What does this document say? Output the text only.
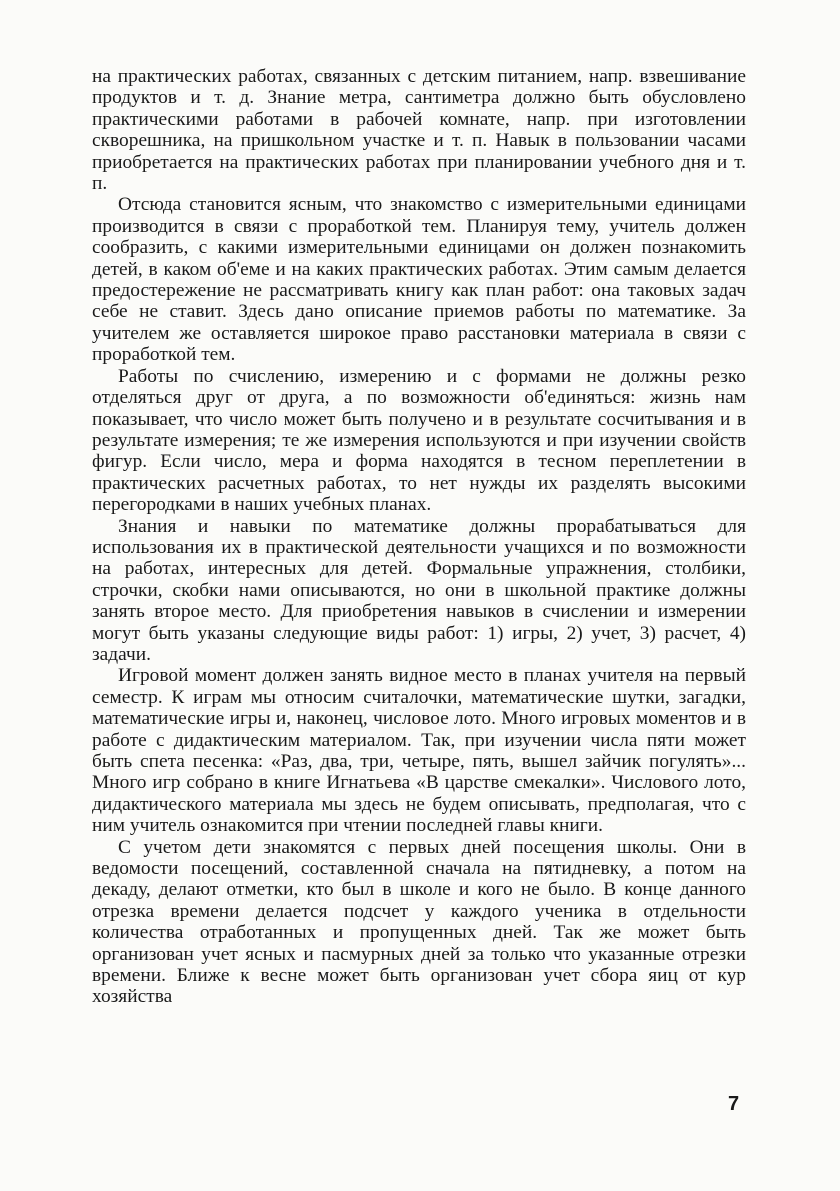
на практических работах, связанных с детским питанием, напр. взвешивание продуктов и т. д. Знание метра, сантиметра должно быть обусловлено практическими работами в рабочей комнате, напр. при изготовлении скворешника, на пришкольном участке и т. п. Навык в пользовании часами приобретается на практических работах при планировании учебного дня и т. п.

Отсюда становится ясным, что знакомство с измерительными единицами производится в связи с проработкой тем. Планируя тему, учитель должен сообразить, с какими измерительными единицами он должен познакомить детей, в каком об'еме и на каких практических работах. Этим самым делается предостережение не рассматривать книгу как план работ: она таковых задач себе не ставит. Здесь дано описание приемов работы по математике. За учителем же оставляется широкое право расстановки материала в связи с проработкой тем.

Работы по счислению, измерению и с формами не должны резко отделяться друг от друга, а по возможности об'единяться: жизнь нам показывает, что число может быть получено и в результате сосчитывания и в результате измерения; те же измерения используются и при изучении свойств фигур. Если число, мера и форма находятся в тесном переплетении в практических расчетных работах, то нет нужды их разделять высокими перегородками в наших учебных планах.

Знания и навыки по математике должны прорабатываться для использования их в практической деятельности учащихся и по возможности на работах, интересных для детей. Формальные упражнения, столбики, строчки, скобки нами описываются, но они в школьной практике должны занять второе место. Для приобретения навыков в счислении и измерении могут быть указаны следующие виды работ: 1) игры, 2) учет, 3) расчет, 4) задачи.

Игровой момент должен занять видное место в планах учителя на первый семестр. К играм мы относим считалочки, математические шутки, загадки, математические игры и, наконец, числовое лото. Много игровых моментов и в работе с дидактическим материалом. Так, при изучении числа пяти может быть спета песенка: «Раз, два, три, четыре, пять, вышел зайчик погулять»... Много игр собрано в книге Игнатьева «В царстве смекалки». Числового лото, дидактического материала мы здесь не будем описывать, предполагая, что с ним учитель ознакомится при чтении последней главы книги.

С учетом дети знакомятся с первых дней посещения школы. Они в ведомости посещений, составленной сначала на пятидневку, а потом на декаду, делают отметки, кто был в школе и кого не было. В конце данного отрезка времени делается подсчет у каждого ученика в отдельности количества отработанных и пропущенных дней. Так же может быть организован учет ясных и пасмурных дней за только что указанные отрезки времени. Ближе к весне может быть организован учет сбора яиц от кур хозяйства

7
